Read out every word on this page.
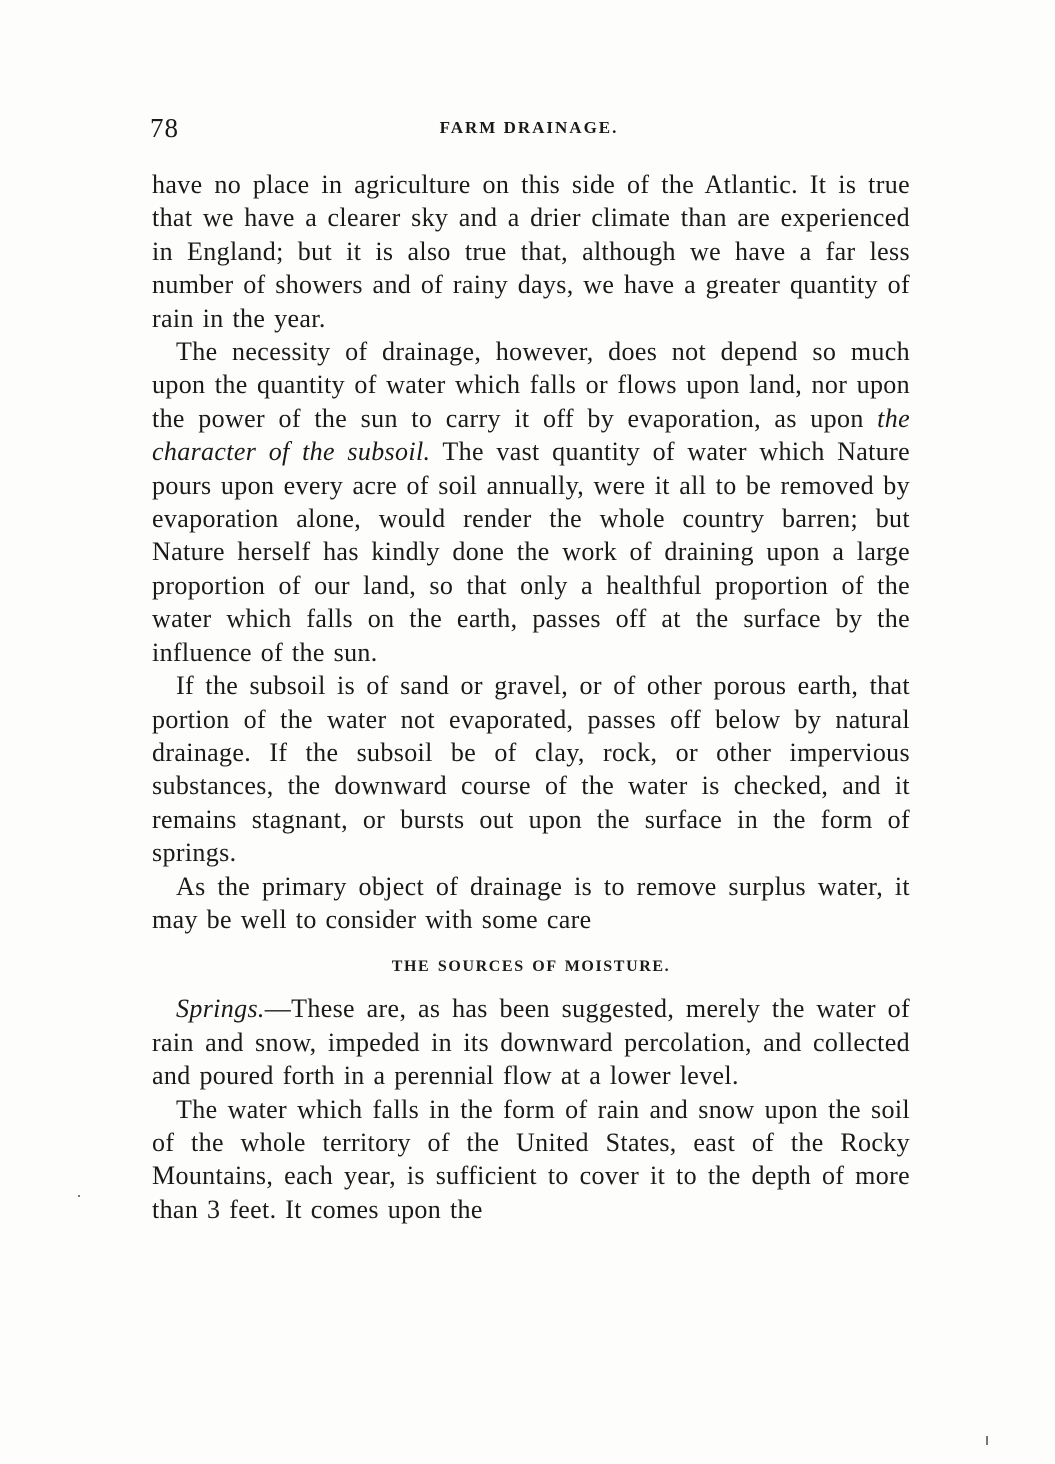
78	FARM DRAINAGE.

have no place in agriculture on this side of the Atlantic. It is true that we have a clearer sky and a drier climate than are experienced in England; but it is also true that, although we have a far less number of showers and of rainy days, we have a greater quantity of rain in the year.

The necessity of drainage, however, does not depend so much upon the quantity of water which falls or flows upon land, nor upon the power of the sun to carry it off by evaporation, as upon the character of the subsoil. The vast quantity of water which Nature pours upon every acre of soil annually, were it all to be removed by evaporation alone, would render the whole country barren; but Nature herself has kindly done the work of draining upon a large proportion of our land, so that only a healthful proportion of the water which falls on the earth, passes off at the surface by the influence of the sun.

If the subsoil is of sand or gravel, or of other porous earth, that portion of the water not evaporated, passes off below by natural drainage. If the subsoil be of clay, rock, or other impervious substances, the downward course of the water is checked, and it remains stagnant, or bursts out upon the surface in the form of springs.

As the primary object of drainage is to remove surplus water, it may be well to consider with some care

THE SOURCES OF MOISTURE.

Springs.—These are, as has been suggested, merely the water of rain and snow, impeded in its downward percolation, and collected and poured forth in a perennial flow at a lower level.

The water which falls in the form of rain and snow upon the soil of the whole territory of the United States, east of the Rocky Mountains, each year, is sufficient to cover it to the depth of more than 3 feet. It comes upon the
